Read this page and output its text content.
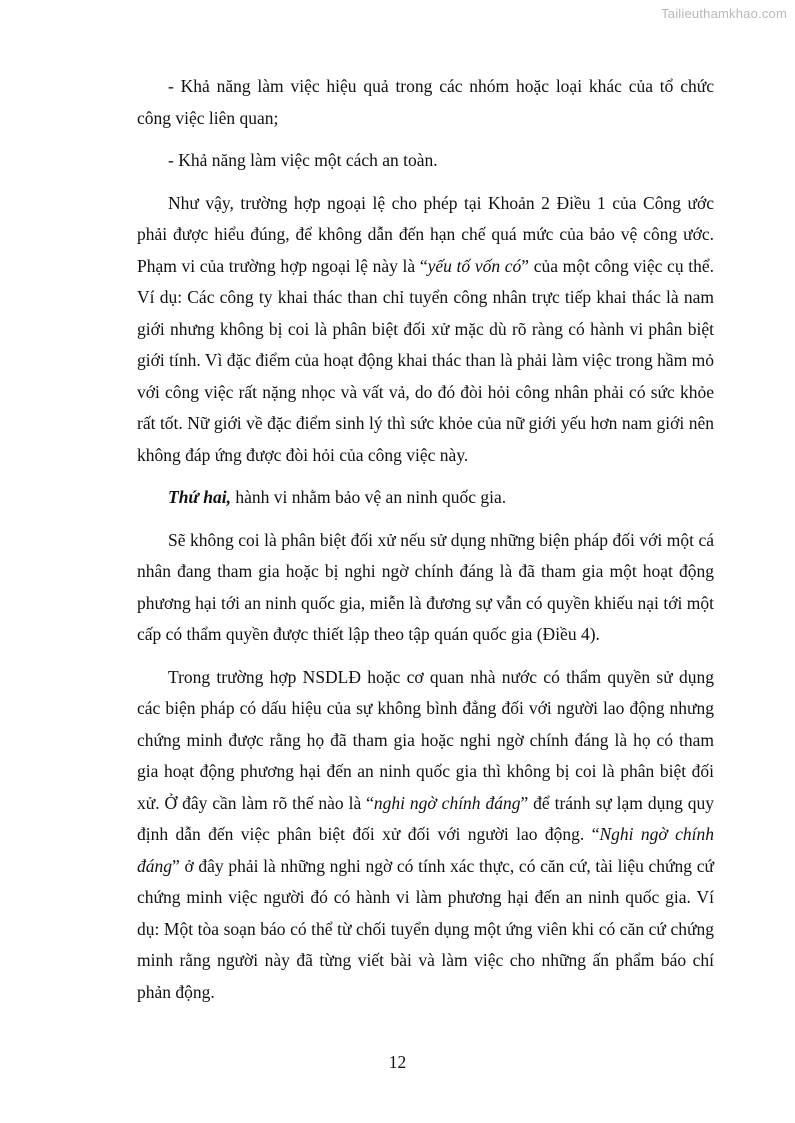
Tailieuthamkhao.com

- Khả năng làm việc hiệu quả trong các nhóm hoặc loại khác của tổ chức công việc liên quan;

- Khả năng làm việc một cách an toàn.

Như vậy, trường hợp ngoại lệ cho phép tại Khoản 2 Điều 1 của Công ước phải được hiểu đúng, để không dẫn đến hạn chế quá mức của bảo vệ công ước. Phạm vi của trường hợp ngoại lệ này là “yếu tố vốn có” của một công việc cụ thể. Ví dụ: Các công ty khai thác than chỉ tuyển công nhân trực tiếp khai thác là nam giới nhưng không bị coi là phân biệt đối xử mặc dù rõ ràng có hành vi phân biệt giới tính. Vì đặc điểm của hoạt động khai thác than là phải làm việc trong hầm mỏ với công việc rất nặng nhọc và vất vả, do đó đòi hỏi công nhân phải có sức khỏe rất tốt. Nữ giới về đặc điểm sinh lý thì sức khỏe của nữ giới yếu hơn nam giới nên không đáp ứng được đòi hỏi của công việc này.

Thứ hai, hành vi nhằm bảo vệ an ninh quốc gia.

Sẽ không coi là phân biệt đối xử nếu sử dụng những biện pháp đối với một cá nhân đang tham gia hoặc bị nghi ngờ chính đáng là đã tham gia một hoạt động phương hại tới an ninh quốc gia, miễn là đương sự vẫn có quyền khiếu nại tới một cấp có thẩm quyền được thiết lập theo tập quán quốc gia (Điều 4).

Trong trường hợp NSDLĐ hoặc cơ quan nhà nước có thẩm quyền sử dụng các biện pháp có dấu hiệu của sự không bình đẳng đối với người lao động nhưng chứng minh được rằng họ đã tham gia hoặc nghi ngờ chính đáng là họ có tham gia hoạt động phương hại đến an ninh quốc gia thì không bị coi là phân biệt đối xử. Ở đây cần làm rõ thế nào là “nghi ngờ chính đáng” để tránh sự lạm dụng quy định dẫn đến việc phân biệt đối xử đối với người lao động. “Nghi ngờ chính đáng” ở đây phải là những nghi ngờ có tính xác thực, có căn cứ, tài liệu chứng cứ chứng minh việc người đó có hành vi làm phương hại đến an ninh quốc gia. Ví dụ: Một tòa soạn báo có thể từ chối tuyển dụng một ứng viên khi có căn cứ chứng minh rằng người này đã từng viết bài và làm việc cho những ấn phẩm báo chí phản động.

12
